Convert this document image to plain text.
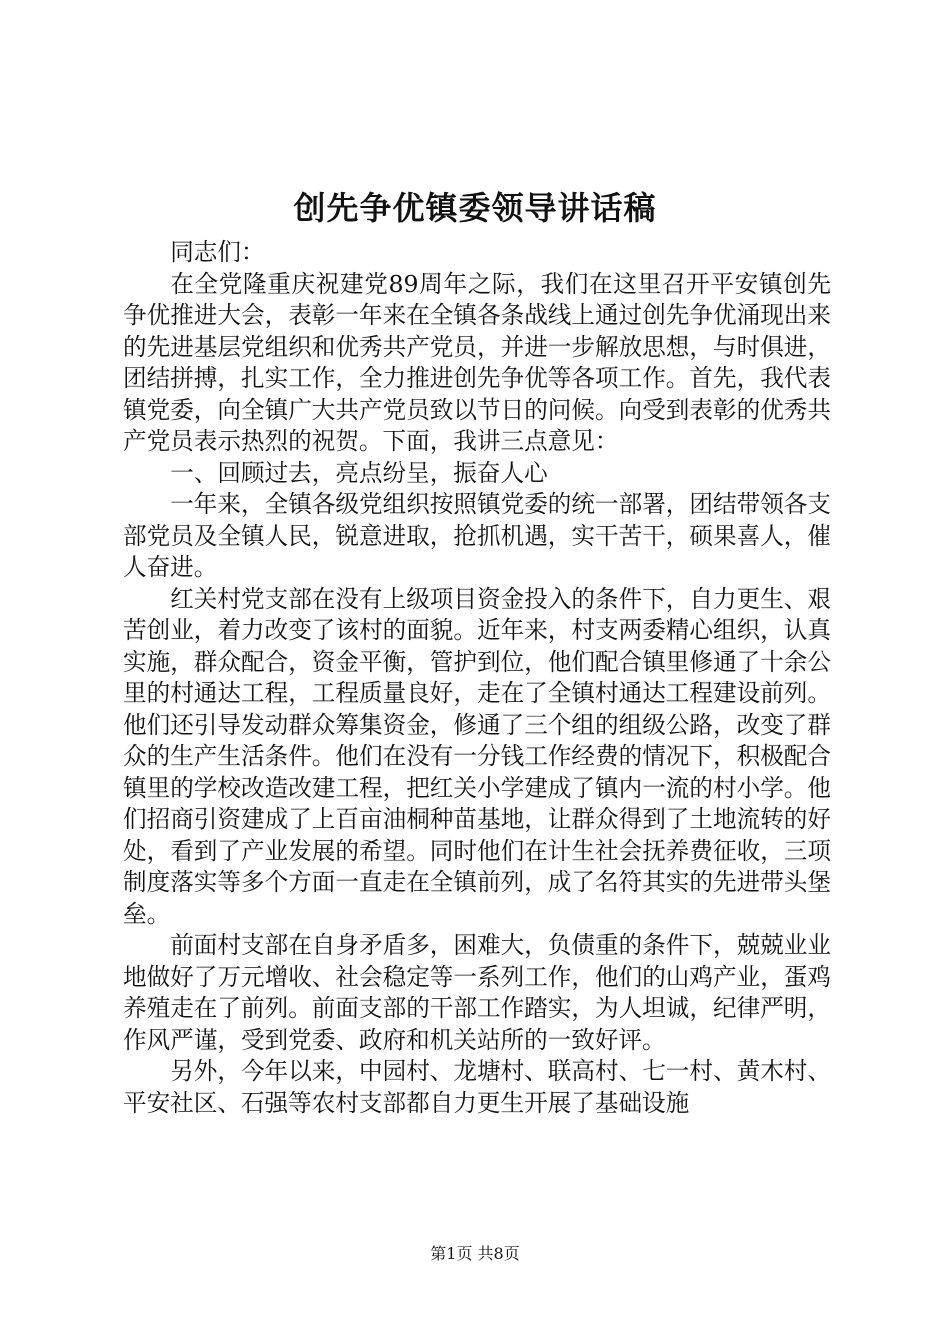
创先争优镇委领导讲话稿

同志们：

在全党隆重庆祝建党89周年之际，我们在这里召开平安镇创先争优推进大会，表彰一年来在全镇各条战线上通过创先争优涌现出来的先进基层党组织和优秀共产党员，并进一步解放思想，与时俱进，团结拼搏，扎实工作，全力推进创先争优等各项工作。首先，我代表镇党委，向全镇广大共产党员致以节日的问候。向受到表彰的优秀共产党员表示热烈的祝贺。下面，我讲三点意见：

一、回顾过去，亮点纷呈，振奋人心

一年来，全镇各级党组织按照镇党委的统一部署，团结带领各支部党员及全镇人民，锐意进取，抢抓机遇，实干苦干，硕果喜人，催人奋进。

红关村党支部在没有上级项目资金投入的条件下，自力更生、艰苦创业，着力改变了该村的面貌。近年来，村支两委精心组织，认真实施，群众配合，资金平衡，管护到位，他们配合镇里修通了十余公里的村通达工程，工程质量良好，走在了全镇村通达工程建设前列。他们还引导发动群众筹集资金，修通了三个组的组级公路，改变了群众的生产生活条件。他们在没有一分钱工作经费的情况下，积极配合镇里的学校改造改建工程，把红关小学建成了镇内一流的村小学。他们招商引资建成了上百亩油桐种苗基地，让群众得到了土地流转的好处，看到了产业发展的希望。同时他们在计生社会抚养费征收，三项制度落实等多个方面一直走在全镇前列，成了名符其实的先进带头堡垒。

前面村支部在自身矛盾多，困难大，负债重的条件下，兢兢业业地做好了万元增收、社会稳定等一系列工作，他们的山鸡产业，蛋鸡养殖走在了前列。前面支部的干部工作踏实，为人坦诚，纪律严明，作风严谨，受到党委、政府和机关站所的一致好评。

另外，今年以来，中园村、龙塘村、联高村、七一村、黄木村、平安社区、石强等农村支部都自力更生开展了基础设施

第1页 共8页
